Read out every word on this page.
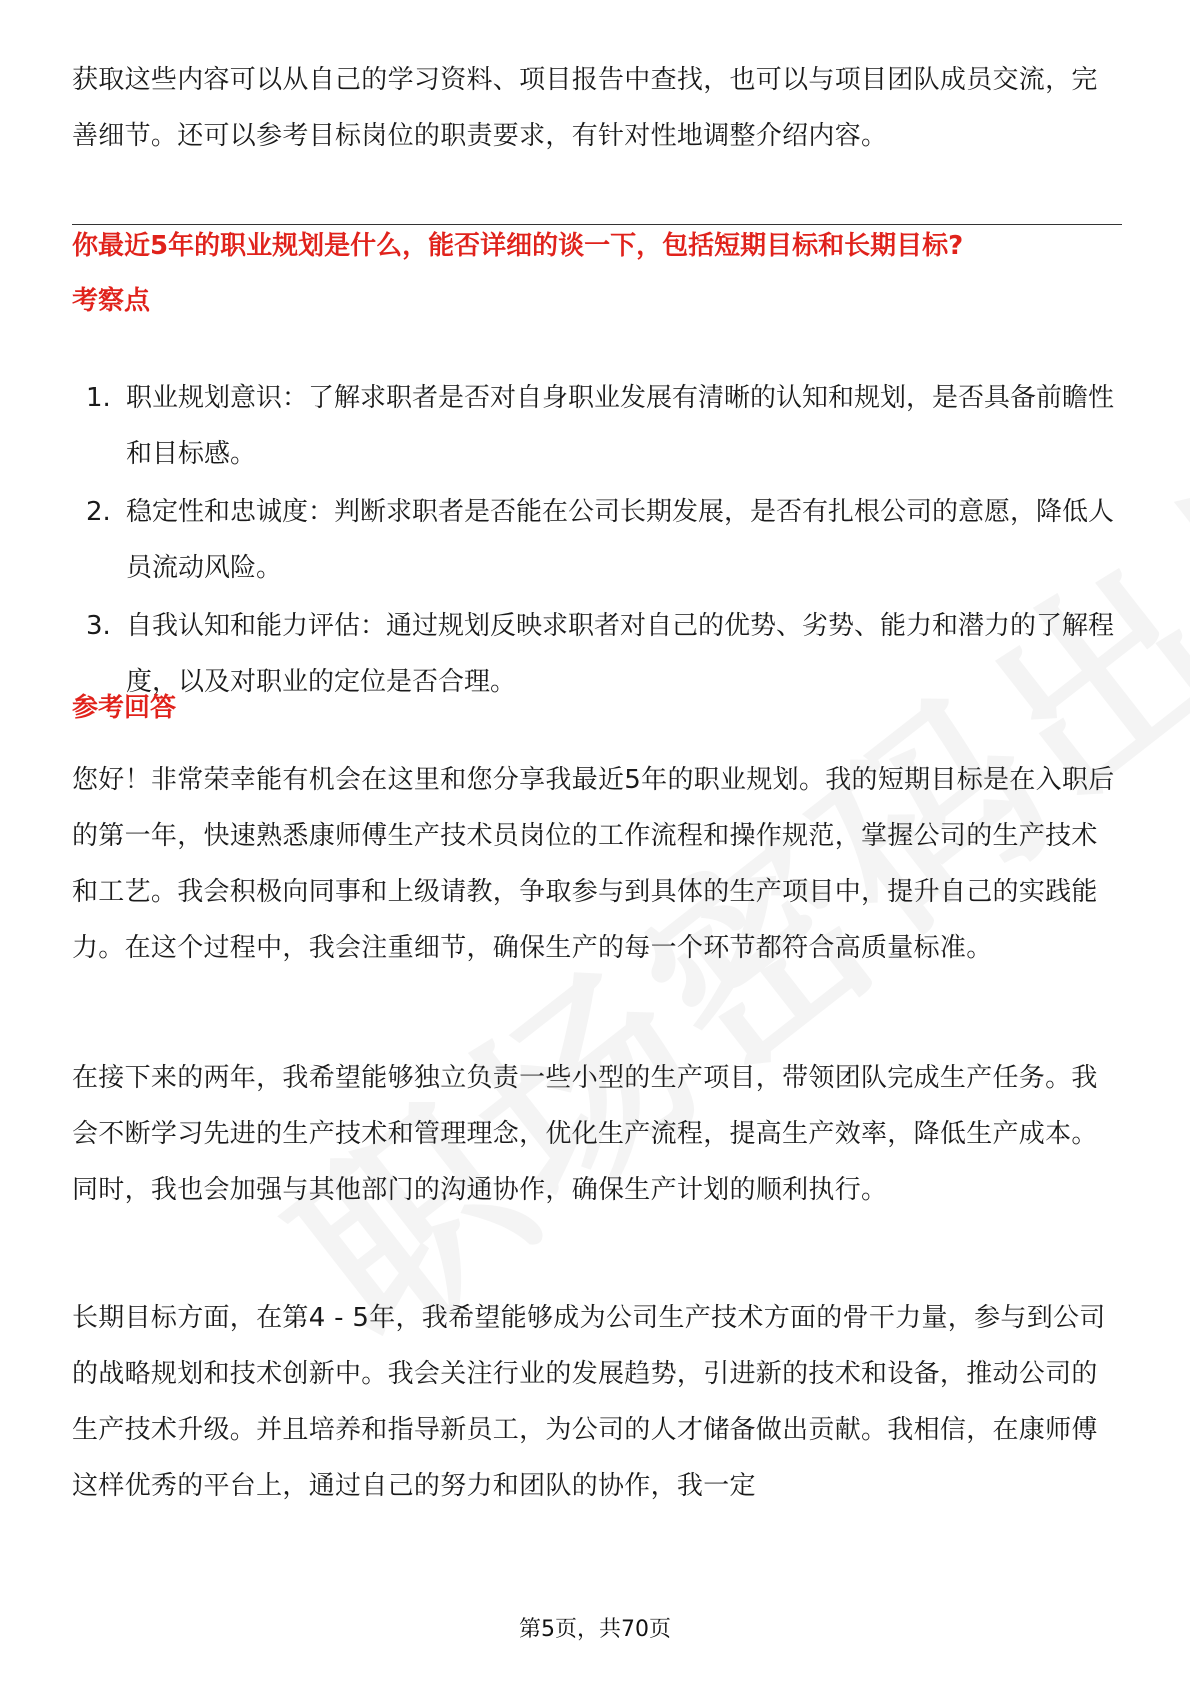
获取这些内容可以从自己的学习资料、项目报告中查找，也可以与项目团队成员交流，完善细节。还可以参考目标岗位的职责要求，有针对性地调整介绍内容。

你最近5年的职业规划是什么，能否详细的谈一下，包括短期目标和长期目标?
考察点
1. 职业规划意识：了解求职者是否对自身职业发展有清晰的认知和规划，是否具备前瞻性和目标感。
2. 稳定性和忠诚度：判断求职者是否能在公司长期发展，是否有扎根公司的意愿，降低人员流动风险。
3. 自我认知和能力评估：通过规划反映求职者对自己的优势、劣势、能力和潜力的了解程度，以及对职业的定位是否合理。
参考回答

您好！非常荣幸能有机会在这里和您分享我最近5年的职业规划。我的短期目标是在入职后的第一年，快速熟悉康师傅生产技术员岗位的工作流程和操作规范，掌握公司的生产技术和工艺。我会积极向同事和上级请教，争取参与到具体的生产项目中，提升自己的实践能力。在这个过程中，我会注重细节，确保生产的每一个环节都符合高质量标准。

在接下来的两年，我希望能够独立负责一些小型的生产项目，带领团队完成生产任务。我会不断学习先进的生产技术和管理理念，优化生产流程，提高生产效率，降低生产成本。同时，我也会加强与其他部门的沟通协作，确保生产计划的顺利执行。

长期目标方面，在第4 - 5年，我希望能够成为公司生产技术方面的骨干力量，参与到公司的战略规划和技术创新中。我会关注行业的发展趋势，引进新的技术和设备，推动公司的生产技术升级。并且培养和指导新员工，为公司的人才储备做出贡献。我相信，在康师傅这样优秀的平台上，通过自己的努力和团队的协作，我一定

第5页，共70页
